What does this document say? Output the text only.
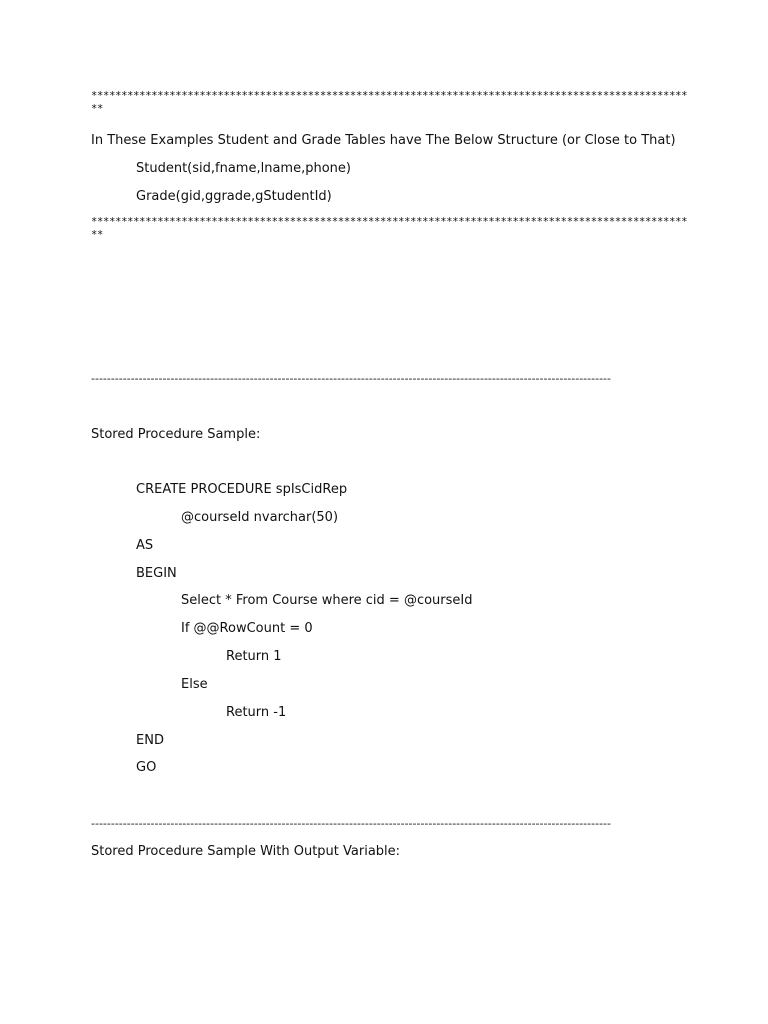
*****************************************************************************************************
In These Examples Student and Grade Tables have The Below Structure (or Close to That)
Student(sid,fname,lname,phone)
Grade(gid,ggrade,gStudentId)
*****************************************************************************************************
-----------------------------------------------------------------------------------------------------------------------------------
Stored Procedure Sample:
CREATE PROCEDURE spIsCidRep
@courseId nvarchar(50)
AS
BEGIN
Select * From Course where cid = @courseId
If @@RowCount = 0
Return 1
Else
Return -1
END
GO
-----------------------------------------------------------------------------------------------------------------------------------
Stored Procedure Sample With Output Variable:
